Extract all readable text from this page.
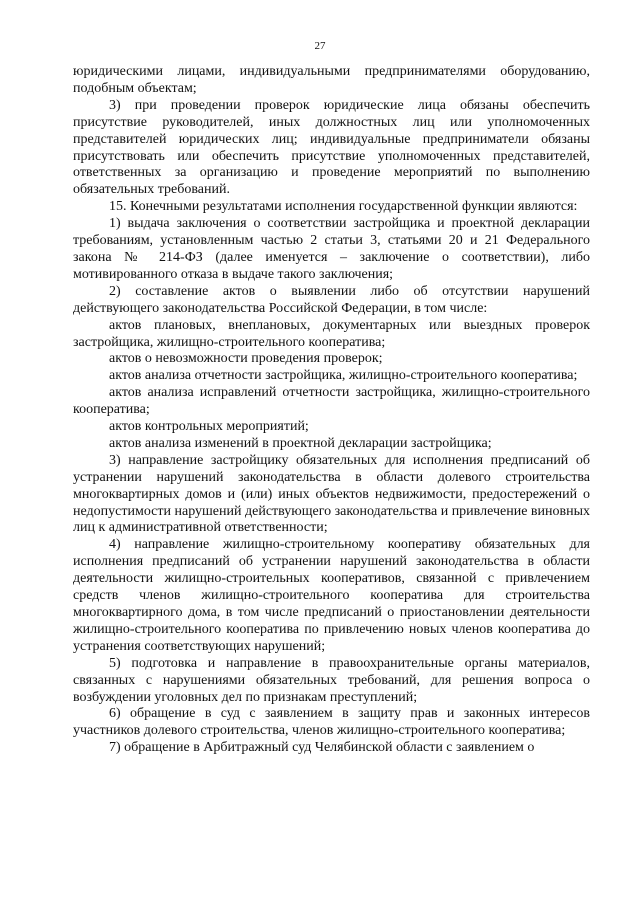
27

юридическими лицами, индивидуальными предпринимателями оборудованию, подобным объектам;

3) при проведении проверок юридические лица обязаны обеспечить присутствие руководителей, иных должностных лиц или уполномоченных представителей юридических лиц; индивидуальные предприниматели обязаны присутствовать или обеспечить присутствие уполномоченных представителей, ответственных за организацию и проведение мероприятий по выполнению обязательных требований.

15. Конечными результатами исполнения государственной функции являются:

1) выдача заключения о соответствии застройщика и проектной декларации требованиям, установленным частью 2 статьи 3, статьями 20 и 21 Федерального закона № 214-ФЗ (далее именуется – заключение о соответствии), либо мотивированного отказа в выдаче такого заключения;

2) составление актов о выявлении либо об отсутствии нарушений действующего законодательства Российской Федерации, в том числе:

актов плановых, внеплановых, документарных или выездных проверок застройщика, жилищно-строительного кооператива;

актов о невозможности проведения проверок;

актов анализа отчетности застройщика, жилищно-строительного кооператива;

актов анализа исправлений отчетности застройщика, жилищно-строительного кооператива;

актов контрольных мероприятий;

актов анализа изменений в проектной декларации застройщика;

3) направление застройщику обязательных для исполнения предписаний об устранении нарушений законодательства в области долевого строительства многоквартирных домов и (или) иных объектов недвижимости, предостережений о недопустимости нарушений действующего законодательства и привлечение виновных лиц к административной ответственности;

4) направление жилищно-строительному кооперативу обязательных для исполнения предписаний об устранении нарушений законодательства в области деятельности жилищно-строительных кооперативов, связанной с привлечением средств членов жилищно-строительного кооператива для строительства многоквартирного дома, в том числе предписаний о приостановлении деятельности жилищно-строительного кооператива по привлечению новых членов кооператива до устранения соответствующих нарушений;

5) подготовка и направление в правоохранительные органы материалов, связанных с нарушениями обязательных требований, для решения вопроса о возбуждении уголовных дел по признакам преступлений;

6) обращение в суд с заявлением в защиту прав и законных интересов участников долевого строительства, членов жилищно-строительного кооператива;

7) обращение в Арбитражный суд Челябинской области с заявлением о
